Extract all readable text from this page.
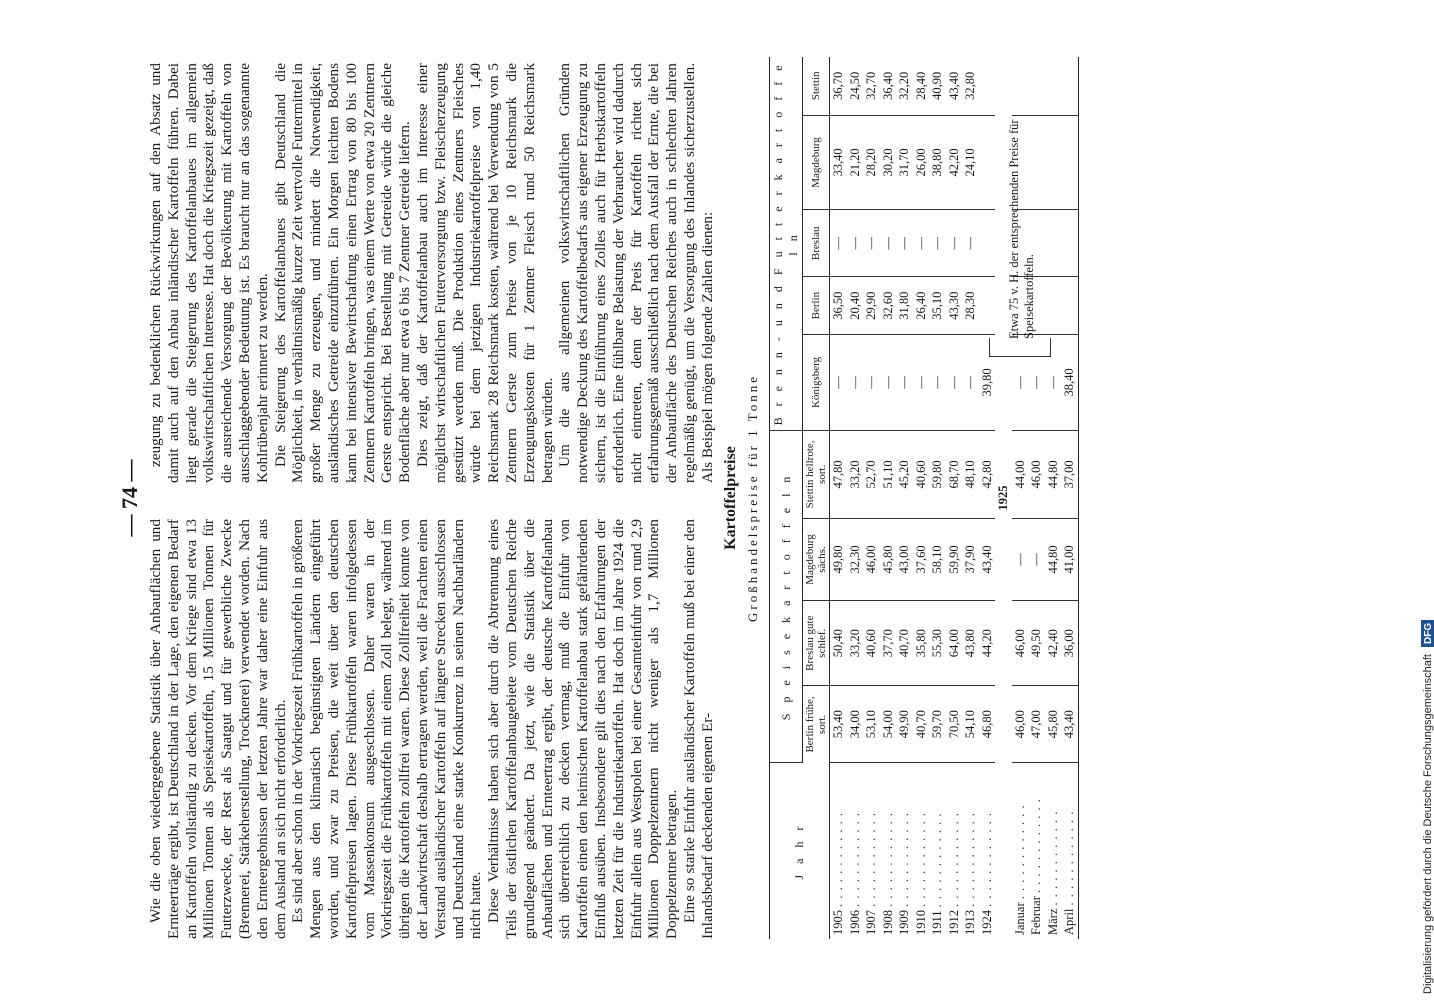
— 74 —

Wie die oben wiedergegebene Statistik über Anbauflächen und Ernteerträge ergibt, ist Deutschland in der Lage, den eigenen Bedarf an Kartoffeln vollständig zu decken. Vor dem Kriege sind etwa 13 Millionen Tonnen als Speisekartoffeln, 15 Millionen Tonnen für Futterzwecke, der Rest als Saatgut und für gewerbliche Zwecke (Brennerei, Stärkeherstellung, Trocknerei) verwendet worden. Nach den Ernteergebnissen der letzten Jahre war daher eine Einfuhr aus dem Ausland an sich nicht erforderlich. Es sind aber schon in der Vorkriegszeit Frühkartoffeln in größeren Mengen aus den klimatisch begünstigten Ländern eingeführt worden, und zwar zu Preisen, die weit über den deutschen Kartoffelpreisen lagen. Diese Frühkartoffeln waren infolgedessen vom Massenkonsum ausgeschlossen. Daher waren in der Vorkriegszeit die Frühkartoffeln mit einem Zoll belegt, während im übrigen die Kartoffeln zollfrei waren. Diese Zollfreiheit konnte von der Landwirtschaft deshalb ertragen werden, weil die Frachten einen Verstand ausländischer Kartoffeln auf längere Strecken ausschlossen und Deutschland eine starke Konkurrenz in seinen Nachbarländern nicht hatte. Diese Verhältnisse haben sich aber durch die Abtrennung eines Teils der östlichen Kartoffelanbaugebiete vom Deutschen Reiche grundlegend geändert. Da jetzt, wie die Statistik über die Anbauflächen und Ernteertrag ergibt, der deutsche Kartoffelanbau sich überreichlich zu decken vermag, muß die Einfuhr von Kartoffeln einen den heimischen Kartoffelanbau stark gefährdenden Einfluß ausüben. Insbesondere gilt dies nach den Erfahrungen der letzten Zeit für die Industriekartoffeln. Hat doch im Jahre 1924 die Einfuhr allein aus Westpolen bei einer Gesamteinfuhr von rund 2,9 Millionen Doppelzentnern nicht weniger als 1,7 Millionen Doppelzentner betragen. Eine so starke Einfuhr ausländischer Kartoffeln muß bei einer den Inlandsbedarf deckenden eigenen Er-

zeugung zu bedenklichen Rückwirkungen auf den Absatz und damit auch auf den Anbau inländischer Kartoffeln führen. Dabei liegt gerade die Steigerung des Kartoffelanbaues im allgemein volkswirtschaftlichen Interesse. Hat doch die Kriegszeit gezeigt, daß die ausreichende Versorgung der Bevölkerung mit Kartoffeln von ausschlaggebender Bedeutung ist. Es braucht nur an das sogenannte Kohlrübenjahr erinnert zu werden. Die Steigerung des Kartoffelanbaues gibt Deutschland die Möglichkeit, in verhältnismäßig kurzer Zeit wertvolle Futtermittel in großer Menge zu erzeugen, und mindert die Notwendigkeit, ausländisches Getreide einzuführen. Ein Morgen leichten Bodens kann bei intensiver Bewirtschaftung einen Ertrag von 80 bis 100 Zentnern Kartoffeln bringen, was einem Werte von etwa 20 Zentnern Gerste entspricht. Bei Bestellung mit Getreide würde die gleiche Bodenfläche aber nur etwa 6 bis 7 Zentner Getreide liefern. Dies zeigt, daß der Kartoffelanbau auch im Interesse einer möglichst wirtschaftlichen Futterversorgung bzw. Fleischerzeugung gestützt werden muß. Die Produktion eines Zentners Fleisches würde bei dem jetzigen Industriekartoffelpreise von 1,40 Reichsmark 28 Reichsmark kosten, während bei Verwendung von 5 Zentnern Gerste zum Preise von je 10 Reichsmark die Erzeugungskosten für 1 Zentner Fleisch rund 50 Reichsmark betragen würden. Um die aus allgemeinen volkswirtschaftlichen Gründen notwendige Deckung des Kartoffelbedarfs aus eigener Erzeugung zu sichern, ist die Einführung eines Zolles auch für Herbstkartoffeln erforderlich. Eine fühlbare Belastung der Verbraucher wird dadurch nicht eintreten, denn der Preis für Kartoffeln richtet sich erfahrungsgemäß ausschließlich nach dem Ausfall der Ernte, die bei der Anbaufläche des Deutschen Reiches auch in schlechten Jahren regelmäßig genügt, um die Versorgung des Inlandes sicherzustellen. Als Beispiel mögen folgende Zahlen dienen:

Kartoffelpreise Großhandelspreise für 1 Tonne
J a h r	S p e i s e k a r t o f f e l n				B r e n n - u n d F u t t e r k a r t o f f e l n				
	Berlin frühe, sort.	Breslau gute schlef.	Magdeburg sächs.	Stettin hellrote, sort.	Königsberg	Berlin	Breslau	Magdeburg	Stettin
1905 . . . . . . . . . . . .	53,40	50,40	49,80	47,80	—	36,50	—	33,40	36,70
1906 . . . . . . . . . . . .	34,00	33,20	32,30	33,20	—	20,40	—	21,20	24,50
1907 . . . . . . . . . . . .	53,10	40,60	46,00	52,70	—	29,90	—	28,20	32,70
1908 . . . . . . . . . . . .	54,00	37,70	45,80	51,10	—	32,60	—	30,20	36,40
1909 . . . . . . . . . . . .	49,90	40,70	43,00	45,20	—	31,80	—	31,70	32,20
1910 . . . . . . . . . . . .	40,70	35,80	37,60	40,60	—	26,40	—	26,00	28,40
1911 . . . . . . . . . . . .	59,70	55,30	58,10	59,80	—	35,10	—	38,80	40,90
1912 . . . . . . . . . . . .	70,50	64,00	59,90	68,70	—	43,30	—	42,20	43,40
1913 . . . . . . . . . . . .	54,10	43,80	37,90	48,10	—	28,30	—	24,10	32,80
1924 . . . . . . . . . . . .	46,80	44,20	43,40	42,80	39,80				
1925									
Januar . . . . . . . . . . . .	46,00	46,00	—	44,00	—				
Februar . . . . . . . . . . . .	47,00	49,50	—	46,00	—				
März . . . . . . . . . . . .	45,80	42,40	44,80	44,80	—				
April . . . . . . . . . . . .	43,40	36,00	41,00	37,00	38,40				
Etwa 75 v. H. der entsprechenden Preise für Speisekartoffeln.
Digitalisierung gefördert durch die Deutsche Forschungsgemeinschaft DFG
